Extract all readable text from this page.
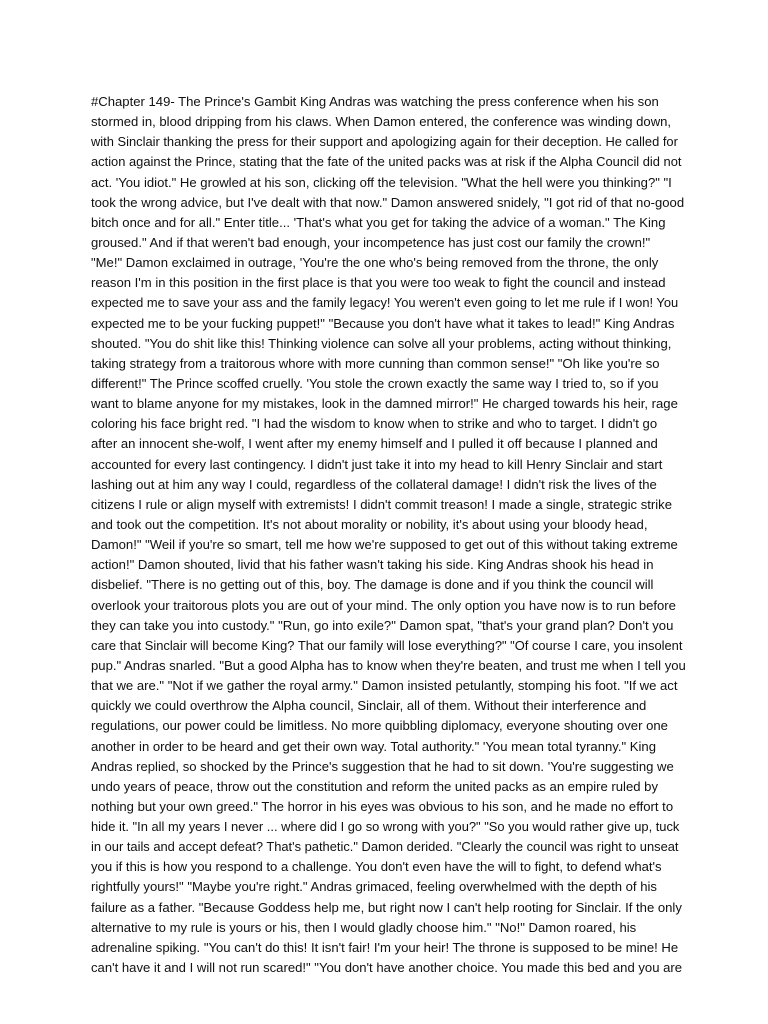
#Chapter 149- The Prince's Gambit King Andras was watching the press conference when his son
stormed in, blood dripping from his claws. When Damon entered, the conference was winding down,
with Sinclair thanking the press for their support and apologizing again for their deception. He called for
action against the Prince, stating that the fate of the united packs was at risk if the Alpha Council did not
act. 'You idiot." He growled at his son, clicking off the television. "What the hell were you thinking?" "I
took the wrong advice, but I've dealt with that now." Damon answered snidely, "I got rid of that no-good
bitch once and for all." Enter title... 'That's what you get for taking the advice of a woman." The King
groused." And if that weren't bad enough, your incompetence has just cost our family the crown!"
"Me!" Damon exclaimed in outrage, 'You're the one who's being removed from the throne, the only
reason I'm in this position in the first place is that you were too weak to fight the council and instead
expected me to save your ass and the family legacy! You weren't even going to let me rule if I won! You
expected me to be your fucking puppet!" "Because you don't have what it takes to lead!" King Andras
shouted. "You do shit like this! Thinking violence can solve all your problems, acting without thinking,
taking strategy from a traitorous whore with more cunning than common sense!" "Oh like you're so
different!" The Prince scoffed cruelly. 'You stole the crown exactly the same way I tried to, so if you
want to blame anyone for my mistakes, look in the damned mirror!" He charged towards his heir, rage
coloring his face bright red. "I had the wisdom to know when to strike and who to target. I didn't go
after an innocent she-wolf, I went after my enemy himself and I pulled it off because I planned and
accounted for every last contingency. I didn't just take it into my head to kill Henry Sinclair and start
lashing out at him any way I could, regardless of the collateral damage! I didn't risk the lives of the
citizens I rule or align myself with extremists! I didn't commit treason! I made a single, strategic strike
and took out the competition. It's not about morality or nobility, it's about using your bloody head,
Damon!" "Weil if you're so smart, tell me how we're supposed to get out of this without taking extreme
action!" Damon shouted, livid that his father wasn't taking his side. King Andras shook his head in
disbelief. "There is no getting out of this, boy. The damage is done and if you think the council will
overlook your traitorous plots you are out of your mind. The only option you have now is to run before
they can take you into custody." "Run, go into exile?" Damon spat, "that's your grand plan? Don't you
care that Sinclair will become King? That our family will lose everything?" "Of course I care, you insolent
pup." Andras snarled. "But a good Alpha has to know when they're beaten, and trust me when I tell you
that we are." "Not if we gather the royal army." Damon insisted petulantly, stomping his foot. "If we act
quickly we could overthrow the Alpha council, Sinclair, all of them. Without their interference and
regulations, our power could be limitless. No more quibbling diplomacy, everyone shouting over one
another in order to be heard and get their own way. Total authority." 'You mean total tyranny." King
Andras replied, so shocked by the Prince's suggestion that he had to sit down. 'You're suggesting we
undo years of peace, throw out the constitution and reform the united packs as an empire ruled by
nothing but your own greed." The horror in his eyes was obvious to his son, and he made no effort to
hide it. "In all my years I never ... where did I go so wrong with you?" "So you would rather give up, tuck
in our tails and accept defeat? That's pathetic." Damon derided. "Clearly the council was right to unseat
you if this is how you respond to a challenge. You don't even have the will to fight, to defend what's
rightfully yours!" "Maybe you're right." Andras grimaced, feeling overwhelmed with the depth of his
failure as a father. "Because Goddess help me, but right now I can't help rooting for Sinclair. If the only
alternative to my rule is yours or his, then I would gladly choose him." "No!" Damon roared, his
adrenaline spiking. "You can't do this! It isn't fair! I'm your heir! The throne is supposed to be mine! He
can't have it and I will not run scared!" "You don't have another choice. You made this bed and you are
